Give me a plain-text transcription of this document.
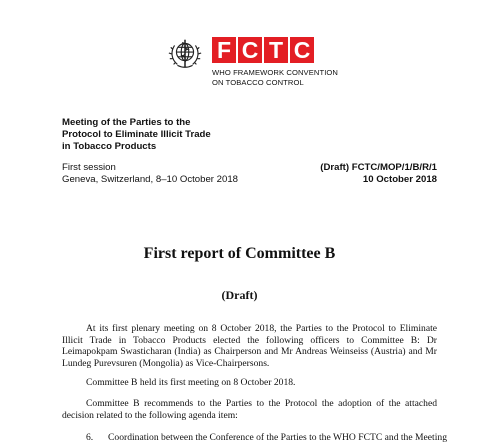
F C T C
WHO FRAMEWORK CONVENTION
ON TOBACCO CONTROL
Meeting of the Parties to the
Protocol to Eliminate Illicit Trade
in Tobacco Products
First session
Geneva, Switzerland, 8–10 October 2018
(Draft) FCTC/MOP/1/B/R/1
10 October 2018
First report of Committee B
(Draft)

At its first plenary meeting on 8 October 2018, the Parties to the Protocol to Eliminate Illicit Trade in Tobacco Products elected the following officers to Committee B: Dr Leimapokpam Swasticharan (India) as Chairperson and Mr Andreas Weinseiss (Austria) and Mr Lundeg Purevsuren (Mongolia) as Vice-Chairpersons.

Committee B held its first meeting on 8 October 2018.

Committee B recommends to the Parties to the Protocol the adoption of the attached decision related to the following agenda item:

6. Coordination between the Conference of the Parties to the WHO FCTC and the Meeting
